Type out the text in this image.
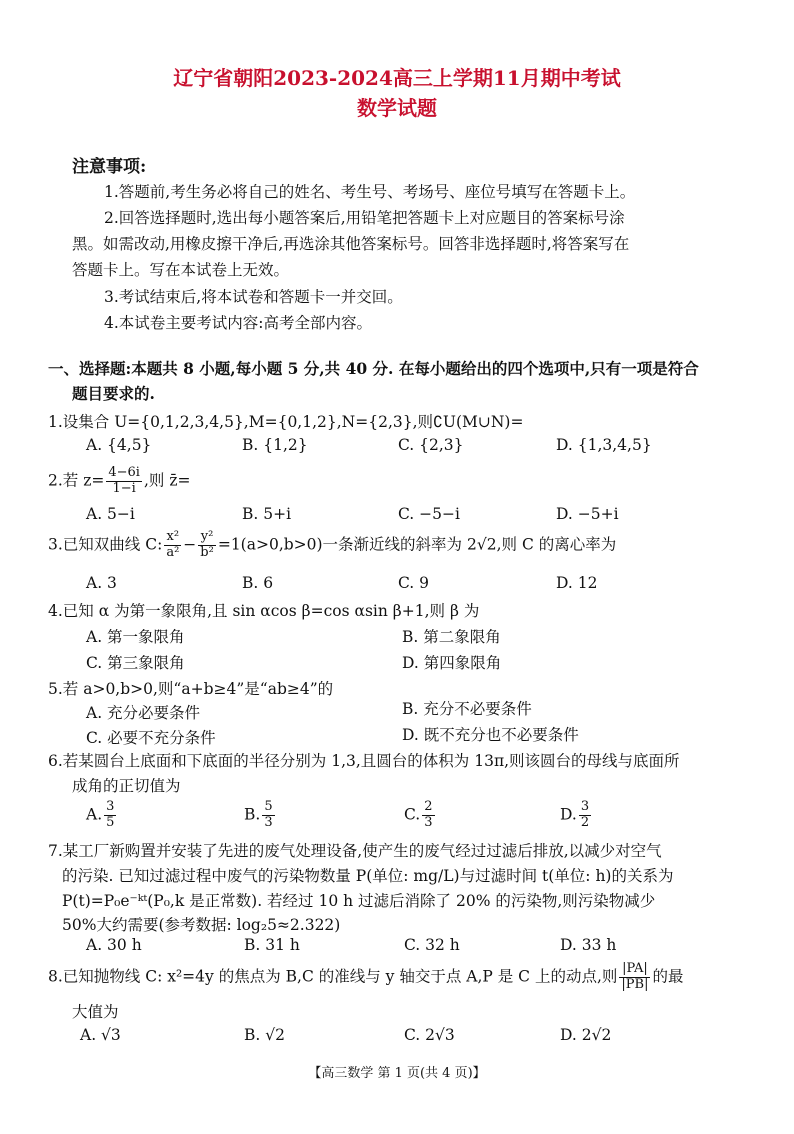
辽宁省朝阳2023-2024高三上学期11月期中考试
数学试题
注意事项:
1.答题前,考生务必将自己的姓名、考生号、考场号、座位号填写在答题卡上。
2.回答选择题时,选出每小题答案后,用铅笔把答题卡上对应题目的答案标号涂
黑。如需改动,用橡皮擦干净后,再选涂其他答案标号。回答非选择题时,将答案写在
答题卡上。写在本试卷上无效。
3.考试结束后,将本试卷和答题卡一并交回。
4.本试卷主要考试内容:高考全部内容。
一、选择题:本题共 8 小题,每小题 5 分,共 40 分. 在每小题给出的四个选项中,只有一项是符合
题目要求的.
1.设集合 U={0,1,2,3,4,5},M={0,1,2},N={2,3},则∁U(M∪N)=
A. {4,5}	B. {1,2}	C. {2,3}	D. {1,3,4,5}
2.若 $z= \frac{4-6i}{1-i}$ ,则 z̄=
A. 5−i	B. 5+i	C. −5−i	D. −5+i
3.已知双曲线 C: $\frac{\text{x²}}{\text{a²}} - \frac{\text{y²}}{\text{b²}} =1(a>0,b>0)$一条渐近线的斜率为 2√2,则 C 的离心率为
A. 3	B. 6	C. 9	D. 12
4.已知 α 为第一象限角,且 sin αcos β=cos αsin β+1,则 β 为
A. 第一象限角	B. 第二象限角
C. 第三象限角	D. 第四象限角
5.若 a>0,b>0,则“a+b≥4”是“ab≥4”的
A. 充分必要条件	B. 充分不必要条件
C. 必要不充分条件	D. 既不充分也不必要条件
6.若某圆台上底面和下底面的半径分别为 1,3,且圆台的体积为 13π,则该圆台的母线与底面所
成角的正切值为
A. $\frac{3}{5}$	B. $\frac{5}{3}$	C. $\frac{2}{3}$	D. $\frac{3}{2}$
7.某工厂新购置并安装了先进的废气处理设备,使产生的废气经过过滤后排放,以减少对空气
的污染. 已知过滤过程中废气的污染物数量 P(单位: mg/L)与过滤时间 t(单位: h)的关系为
P(t)=P₀e⁻ᵏᵗ(P₀,k 是正常数). 若经过 10 h 过滤后消除了 20% 的污染物,则污染物减少
50%大约需要(参考数据: log₂5≈2.322)
A. 30 h	B. 31 h	C. 32 h	D. 33 h
8.已知抛物线 C: x²=4y 的焦点为 B,C 的准线与 y 轴交于点 A,P 是 C 上的动点,则 $\frac{|PA|}{|PB|}$ 的最
大值为
A. √3	B. √2	C. 2√3	D. 2√2
【高三数学 第 1 页(共 4 页)】
